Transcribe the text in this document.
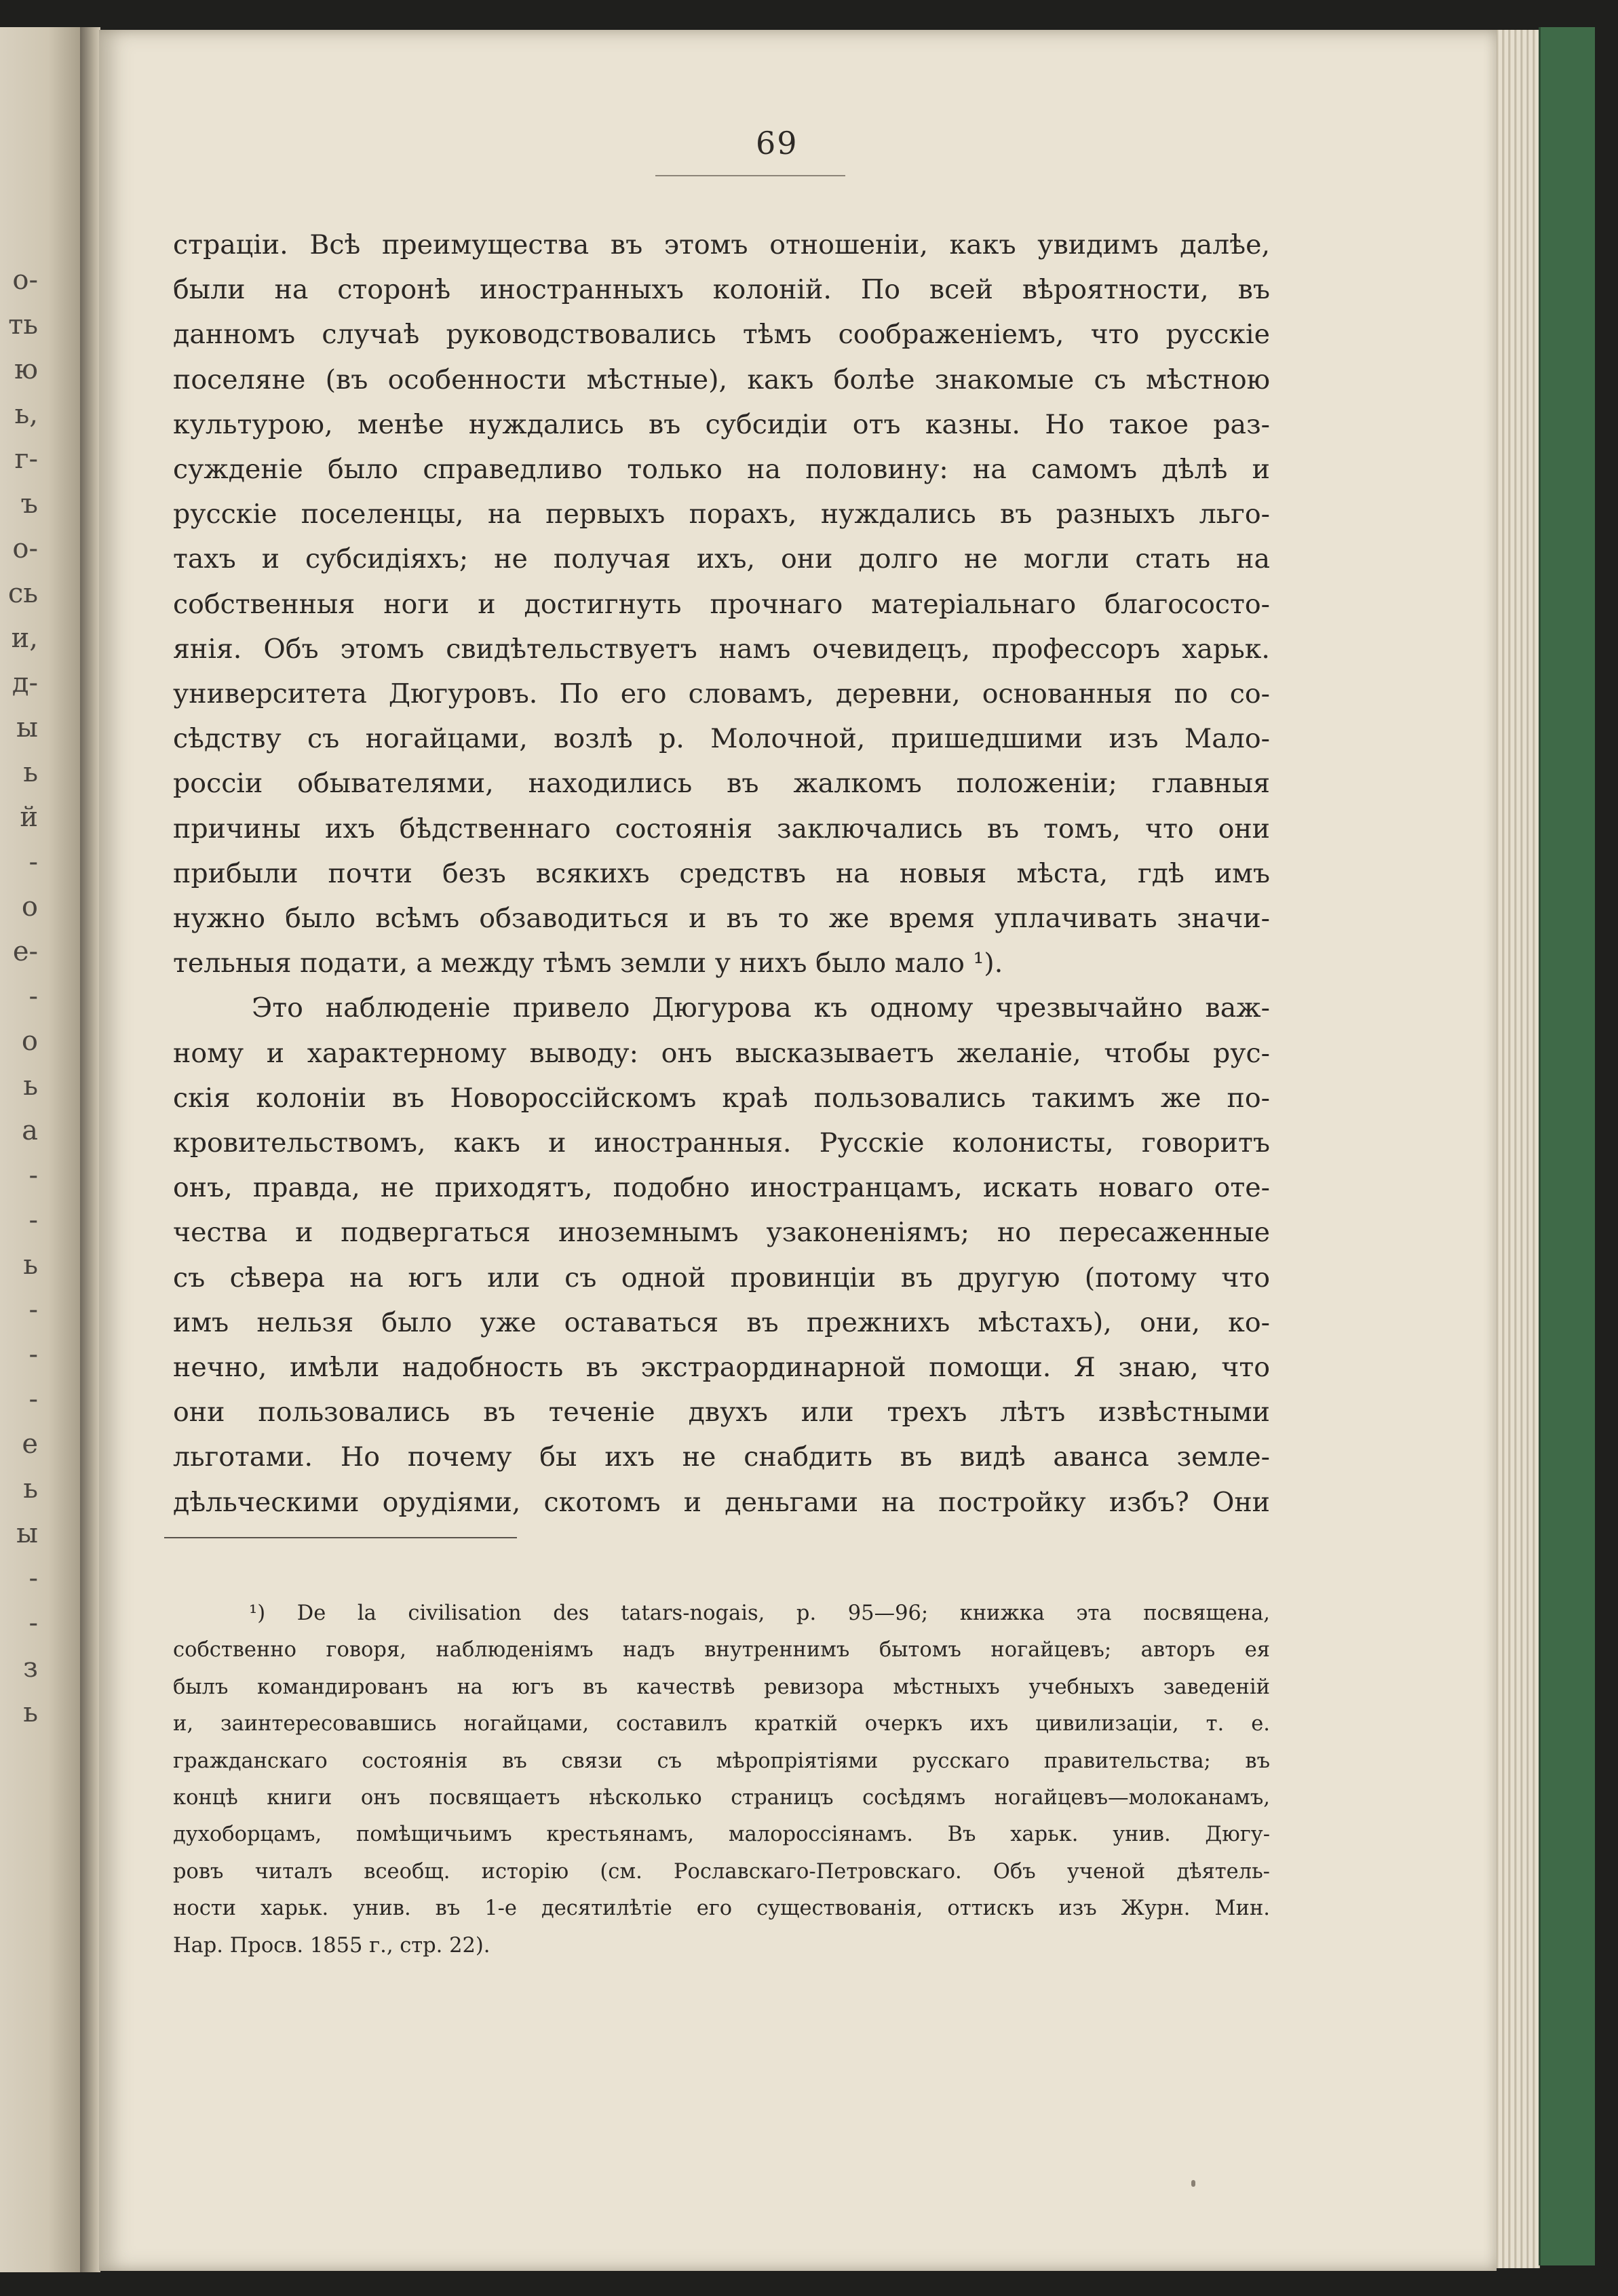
о-
ть
ю
ь,
г-
ъ
о-
сь
и,
д-
ы
ь
й
-
о
е-
-
о
ь
а
-
-
ь
-
-
-
е
ь
ы
-
-
з
ь
69
страціи. Всѣ преимущества въ этомъ отношеніи, какъ увидимъ далѣе,
были на сторонѣ иностранныхъ колоній. По всей вѣроятности, въ
данномъ случаѣ руководствовались тѣмъ соображеніемъ, что русскіе
поселяне (въ особенности мѣстные), какъ болѣе знакомые съ мѣстною
культурою, менѣе нуждались въ субсидіи отъ казны. Но такое раз-
сужденіе было справедливо только на половину: на самомъ дѣлѣ и
русскіе поселенцы, на первыхъ порахъ, нуждались въ разныхъ льго-
тахъ и субсидіяхъ; не получая ихъ, они долго не могли стать на
собственныя ноги и достигнуть прочнаго матеріальнаго благососто-
янія. Объ этомъ свидѣтельствуетъ намъ очевидецъ, профессоръ харьк.
университета Дюгуровъ. По его словамъ, деревни, основанныя по со-
сѣдству съ ногайцами, возлѣ р. Молочной, пришедшими изъ Мало-
россіи обывателями, находились въ жалкомъ положеніи; главныя
причины ихъ бѣдственнаго состоянія заключались въ томъ, что они
прибыли почти безъ всякихъ средствъ на новыя мѣста, гдѣ имъ
нужно было всѣмъ обзаводиться и въ то же время уплачивать значи-
тельныя подати, а между тѣмъ земли у нихъ было мало ¹).
Это наблюденіе привело Дюгурова къ одному чрезвычайно важ-
ному и характерному выводу: онъ высказываетъ желаніе, чтобы рус-
скія колоніи въ Новороссійскомъ краѣ пользовались такимъ же по-
кровительствомъ, какъ и иностранныя. Русскіе колонисты, говоритъ
онъ, правда, не приходятъ, подобно иностранцамъ, искать новаго оте-
чества и подвергаться иноземнымъ узаконеніямъ; но пересаженные
съ сѣвера на югъ или съ одной провинціи въ другую (потому что
имъ нельзя было уже оставаться въ прежнихъ мѣстахъ), они, ко-
нечно, имѣли надобность въ экстраординарной помощи. Я знаю, что
они пользовались въ теченіе двухъ или трехъ лѣтъ извѣстными
льготами. Но почему бы ихъ не снабдить въ видѣ аванса земле-
дѣльческими орудіями, скотомъ и деньгами на постройку избъ? Они
¹) De la civilisation des tatars-nogais, p. 95—96; книжка эта посвящена,
собственно говоря, наблюденіямъ надъ внутреннимъ бытомъ ногайцевъ; авторъ ея
былъ командированъ на югъ въ качествѣ ревизора мѣстныхъ учебныхъ заведеній
и, заинтересовавшись ногайцами, составилъ краткій очеркъ ихъ цивилизаціи, т. е.
гражданскаго состоянія въ связи съ мѣропріятіями русскаго правительства; въ
концѣ книги онъ посвящаетъ нѣсколько страницъ сосѣдямъ ногайцевъ—молоканамъ,
духоборцамъ, помѣщичьимъ крестьянамъ, малороссіянамъ. Въ харьк. унив. Дюгу-
ровъ читалъ всеобщ. исторію (см. Рославскаго-Петровскаго. Объ ученой дѣятель-
ности харьк. унив. въ 1-е десятилѣтіе его существованія, оттискъ изъ Журн. Мин.
Нар. Просв. 1855 г., стр. 22).
